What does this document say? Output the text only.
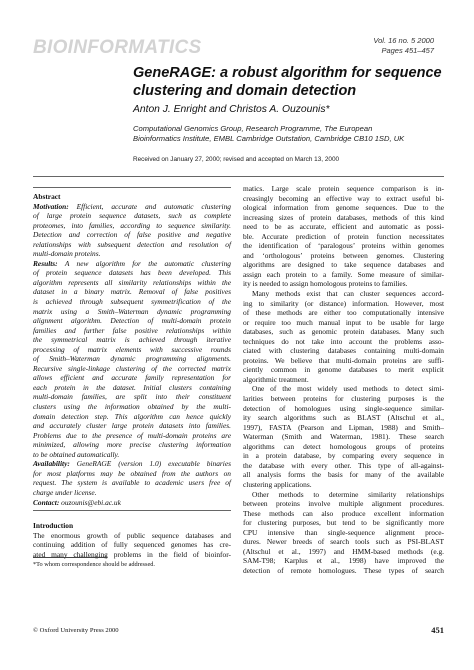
BIOINFORMATICS	Vol. 16 no. 5 2000
Pages 451–457
GeneRAGE: a robust algorithm for sequence
clustering and domain detection
Anton J. Enright and Christos A. Ouzounis*
Computational Genomics Group, Research Programme, The European
Bioinformatics Institute, EMBL Cambridge Outstation, Cambridge CB10 1SD, UK
Received on January 27, 2000; revised and accepted on March 13, 2000
Abstract
Motivation: Efficient, accurate and automatic clustering
of large protein sequence datasets, such as complete
proteomes, into families, according to sequence similarity.
Detection and correction of false positive and negative
relationships with subsequent detection and resolution of
multi-domain proteins.
Results: A new algorithm for the automatic clustering
of protein sequence datasets has been developed. This
algorithm represents all similarity relationships within the
dataset in a binary matrix. Removal of false positives
is achieved through subsequent symmetrification of the
matrix using a Smith–Waterman dynamic programming
alignment algorithm. Detection of multi-domain protein
families and further false positive relationships within
the symmetrical matrix is achieved through iterative
processing of matrix elements with successive rounds
of Smith–Waterman dynamic programming alignments.
Recursive single-linkage clustering of the corrected matrix
allows efficient and accurate family representation for
each protein in the dataset. Initial clusters containing
multi-domain families, are split into their constituent
clusters using the information obtained by the multi-
domain detection step. This algorithm can hence quickly
and accurately cluster large protein datasets into families.
Problems due to the presence of multi-domain proteins are
minimized, allowing more precise clustering information
to be obtained automatically.
Availability: GeneRAGE (version 1.0) executable binaries
for most platforms may be obtained from the authors on
request. The system is available to academic users free of
charge under license.
Contact: ouzounis@ebi.ac.uk
Introduction
The enormous growth of public sequence databases and
continuing addition of fully sequenced genomes has cre-
ated many challenging problems in the field of bioinfor-
matics. Large scale protein sequence comparison is in-
creasingly becoming an effective way to extract useful bi-
ological information from genome sequences. Due to the
increasing sizes of protein databases, methods of this kind
need to be as accurate, efficient and automatic as possi-
ble. Accurate prediction of protein function necessitates
the identification of ‘paralogous’ proteins within genomes
and ‘orthologous’ proteins between genomes. Clustering
algorithms are designed to take sequence databases and
assign each protein to a family. Some measure of similar-
ity is needed to assign homologous proteins to families.
Many methods exist that can cluster sequences accord-
ing to similarity (or distance) information. However, most
of these methods are either too computationally intensive
or require too much manual input to be usable for large
databases, such as genomic protein databases. Many such
techniques do not take into account the problems asso-
ciated with clustering databases containing multi-domain
proteins. We believe that multi-domain proteins are suffi-
ciently common in genome databases to merit explicit
algorithmic treatment.
One of the most widely used methods to detect simi-
larities between proteins for clustering purposes is the
detection of homologues using single-sequence similar-
ity search algorithms such as BLAST (Altschul et al.,
1997), FASTA (Pearson and Lipman, 1988) and Smith–
Waterman (Smith and Waterman, 1981). These search
algorithms can detect homologous groups of proteins
in a protein database, by comparing every sequence in
the database with every other. This type of all-against-
all analysis forms the basis for many of the available
clustering applications.
Other methods to determine similarity relationships
between proteins involve multiple alignment procedures.
These methods can also produce excellent information
for clustering purposes, but tend to be significantly more
CPU intensive than single-sequence alignment proce-
dures. Newer breeds of search tools such as PSI-BLAST
(Altschul et al., 1997) and HMM-based methods (e.g.
SAM-T98; Karplus et al., 1998) have improved the
detection of remote homologues. These types of search
*To whom correspondence should be addressed.
© Oxford University Press 2000	451
